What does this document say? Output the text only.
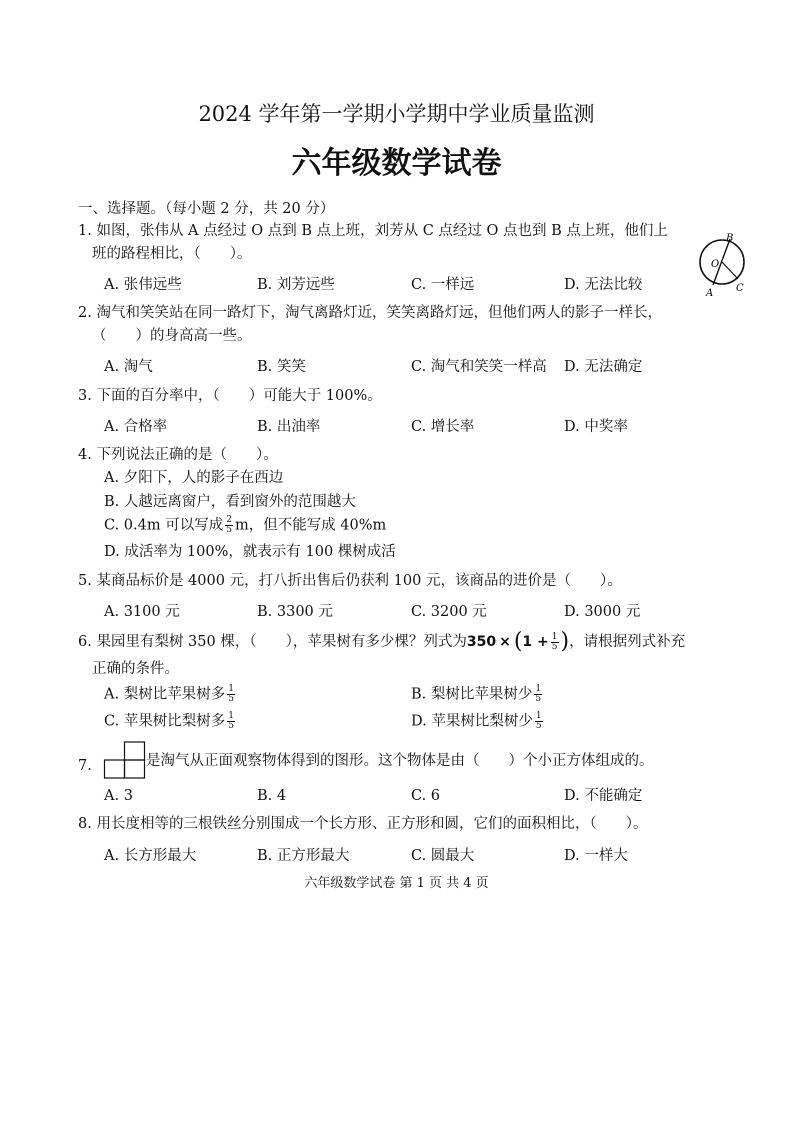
2024 学年第一学期小学期中学业质量监测
六年级数学试卷
一、选择题。（每小题 2 分，共 20 分）
1. 如图，张伟从 A 点经过 O 点到 B 点上班，刘芳从 C 点经过 O 点也到 B 点上班，他们上
班的路程相比，（　　）。
A. 张伟远些	B. 刘芳远些	C. 一样远	D. 无法比较
B
O
A C
2. 淘气和笑笑站在同一路灯下，淘气离路灯近，笑笑离路灯远，但他们两人的影子一样长，
（　　）的身高高一些。
A. 淘气	B. 笑笑	C. 淘气和笑笑一样高 D. 无法确定
3. 下面的百分率中，（　　）可能大于 100%。
A. 合格率	B. 出油率	C. 增长率	D. 中奖率
4. 下列说法正确的是（　　）。
A. 夕阳下，人的影子在西边
B. 人越远离窗户，看到窗外的范围越大
C. 0.4m 可以写成 $\frac{2}{5}$ m，但不能写成 40%m
D. 成活率为 100%，就表示有 100 棵树成活
5. 某商品标价是 4000 元，打八折出售后仍获利 100 元，该商品的进价是（　　）。
A. 3100 元	B. 3300 元	C. 3200 元	D. 3000 元
6. 果园里有梨树 350 棵，（　　），苹果树有多少棵？列式为 350 × ( $1 + \frac{1}{5}$ ) ，请根据列式补充
正确的条件。
A. 梨树比苹果树多 $\frac{1}{5}$	B. 梨树比苹果树少 $\frac{1}{5}$
C. 苹果树比梨树多 $\frac{1}{5}$	D. 苹果树比梨树少 $\frac{1}{5}$
7.	是淘气从正面观察物体得到的图形。这个物体是由（　　）个小正方体组成的。
A. 3	B. 4	C. 6	D. 不能确定
8. 用长度相等的三根铁丝分别围成一个长方形、正方形和圆，它们的面积相比，（　　）。
A. 长方形最大	B. 正方形最大	C. 圆最大	D. 一样大
六年级数学试卷 第 1 页 共 4 页
